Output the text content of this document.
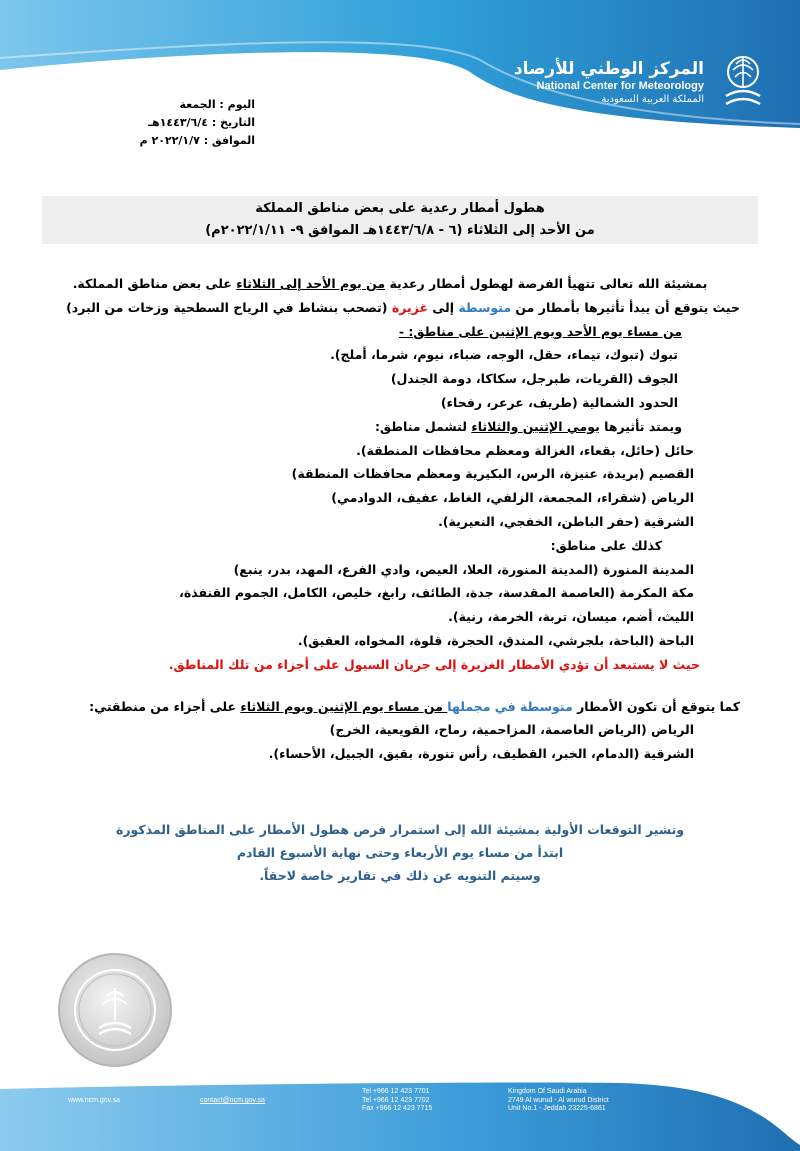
المركز الوطني للأرصاد
National Center for Meteorology
المملكة العربية السعودية
اليوم : الجمعة
التاريخ : ١٤٤٣/٦/٤هـ
الموافق : ٢٠٢٢/١/٧ م
هطول أمطار رعدية على بعض مناطق المملكة
من الأحد إلى الثلاثاء (٦ - ١٤٤٣/٦/٨هـ الموافق ٩- ٢٠٢٢/١/١١م)

بمشيئة الله تعالى تتهيأ الفرصة لهطول أمطار رعدية من يوم الأحد إلى الثلاثاء على بعض مناطق المملكة.

حيث يتوقع أن يبدأ تأثيرها بأمطار من متوسطة إلى غزيرة (تصحب بنشاط في الرياح السطحية وزخات من البرد)

من مساء يوم الأحد ويوم الإثنين على مناطق: -

تبوك (تبوك، تيماء، حقل، الوجه، ضباء، نيوم، شرما، أملج).

الجوف (القريات، طبرجل، سكاكا، دومة الجندل)

الحدود الشمالية (طريف، عرعر، رفحاء)

ويمتد تأثيرها يومي الإثنين والثلاثاء لتشمل مناطق:

حائل (حائل، بقعاء، الغزالة ومعظم محافظات المنطقة).

القصيم (بريدة، عنيزة، الرس، البكيرية ومعظم محافظات المنطقة)

الرياض (شقراء، المجمعة، الزلفي، الغاط، عفيف، الدوادمي)

الشرقية (حفر الباطن، الخفجي، النعيرية).

كذلك على مناطق:

المدينة المنورة (المدينة المنورة، العلا، العيص، وادي الفرع، المهد، بدر، ينبع)

مكة المكرمة (العاصمة المقدسة، جدة، الطائف، رابغ، خليص، الكامل، الجموم القنفذة،

الليث، أضم، ميسان، تربة، الخرمة، رنية).

الباحة (الباحة، بلجرشي، المندق، الحجرة، قلوة، المخواه، العقيق).

حيث لا يستبعد أن تؤدي الأمطار الغزيرة إلى جريان السيول على أجزاء من تلك المناطق.

كما يتوقع أن تكون الأمطار متوسطة في مجملها من مساء يوم الإثنين ويوم الثلاثاء على أجزاء من منطقتي:

الرياض (الرياض العاصمة، المزاحمية، رماح، القويعية، الخرج)

الشرقية (الدمام، الخبر، القطيف، رأس تنورة، بقيق، الجبيل، الأحساء).

وتشير التوقعات الأولية بمشيئة الله إلى استمرار فرص هطول الأمطار على المناطق المذكورة

ابتدأ من مساء يوم الأربعاء وحتى نهاية الأسبوع القادم

وسيتم التنويه عن ذلك في تقارير خاصة لاحقاً.

www.ncm.gov.sa	contact@ncm.gov.sa
Tel +966 12 423 7701
Tel +966 12 423 7702
Fax +966 12 423 7715
Kingdom Of Saudi Arabia
2749 Al wurud - Al wurud District
Unit No.1 - Jeddah 23225-6861
